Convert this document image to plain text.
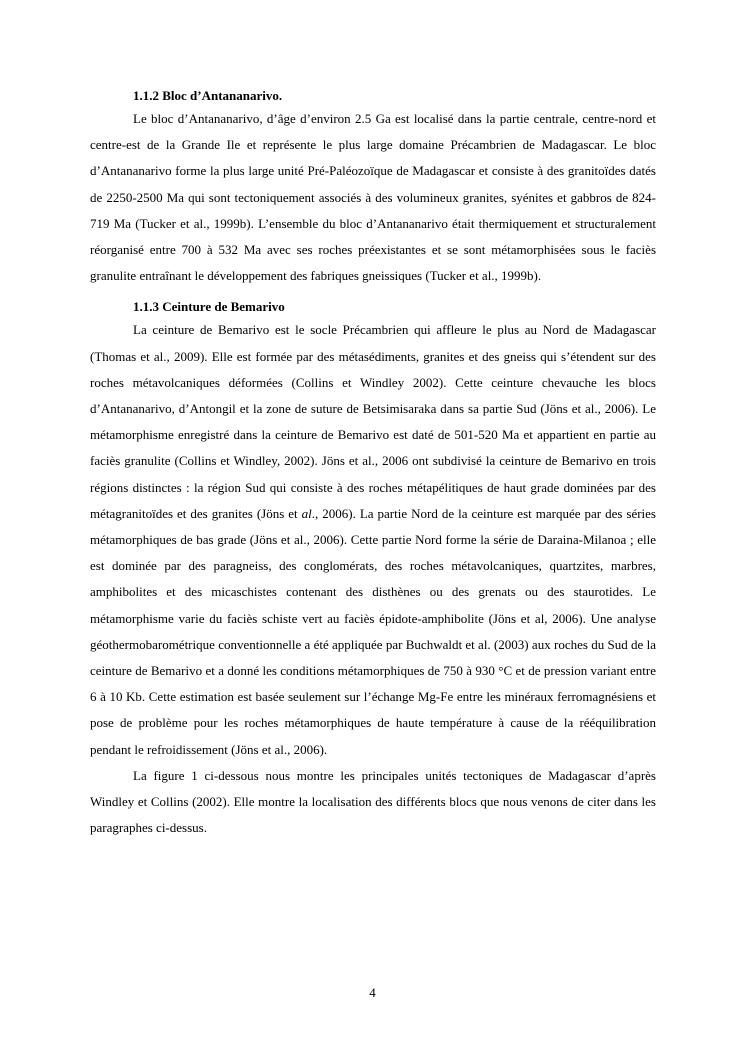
1.1.2 Bloc d’Antananarivo.

Le bloc d’Antananarivo, d’âge d’environ 2.5 Ga est localisé dans la partie centrale, centre-nord et centre-est de la Grande Ile et représente le plus large domaine Précambrien de Madagascar. Le bloc d’Antananarivo forme la plus large unité Pré-Paléozoïque de Madagascar et consiste à des granitoïdes datés de 2250-2500 Ma qui sont tectoniquement associés à des volumineux granites, syénites et gabbros de 824-719 Ma (Tucker et al., 1999b). L’ensemble du bloc d’Antananarivo était thermiquement et structuralement réorganisé entre 700 à 532 Ma avec ses roches préexistantes et se sont métamorphisées sous le faciès granulite entraînant le développement des fabriques gneissiques (Tucker et al., 1999b).

1.1.3 Ceinture de Bemarivo

La ceinture de Bemarivo est le socle Précambrien qui affleure le plus au Nord de Madagascar (Thomas et al., 2009). Elle est formée par des métasédiments, granites et des gneiss qui s’étendent sur des roches métavolcaniques déformées (Collins et Windley 2002). Cette ceinture chevauche les blocs d’Antananarivo, d’Antongil et la zone de suture de Betsimisaraka dans sa partie Sud (Jöns et al., 2006). Le métamorphisme enregistré dans la ceinture de Bemarivo est daté de 501-520 Ma et appartient en partie au faciès granulite (Collins et Windley, 2002). Jöns et al., 2006 ont subdivisé la ceinture de Bemarivo en trois régions distinctes : la région Sud qui consiste à des roches métapélitiques de haut grade dominées par des métagranitoïdes et des granites (Jöns et al., 2006). La partie Nord de la ceinture est marquée par des séries métamorphiques de bas grade (Jöns et al., 2006). Cette partie Nord forme la série de Daraina-Milanoa ; elle est dominée par des paragneiss, des conglomérats, des roches métavolcaniques, quartzites, marbres, amphibolites et des micaschistes contenant des disthènes ou des grenats ou des staurotides. Le métamorphisme varie du faciès schiste vert au faciès épidote-amphibolite (Jöns et al, 2006). Une analyse géothermobarométrique conventionnelle a été appliquée par Buchwaldt et al. (2003) aux roches du Sud de la ceinture de Bemarivo et a donné les conditions métamorphiques de 750 à 930 °C et de pression variant entre 6 à 10 Kb. Cette estimation est basée seulement sur l’échange Mg-Fe entre les minéraux ferromagnésiens et pose de problème pour les roches métamorphiques de haute température à cause de la rééquilibration pendant le refroidissement (Jöns et al., 2006).

La figure 1 ci-dessous nous montre les principales unités tectoniques de Madagascar d’après Windley et Collins (2002). Elle montre la localisation des différents blocs que nous venons de citer dans les paragraphes ci-dessus.

4
